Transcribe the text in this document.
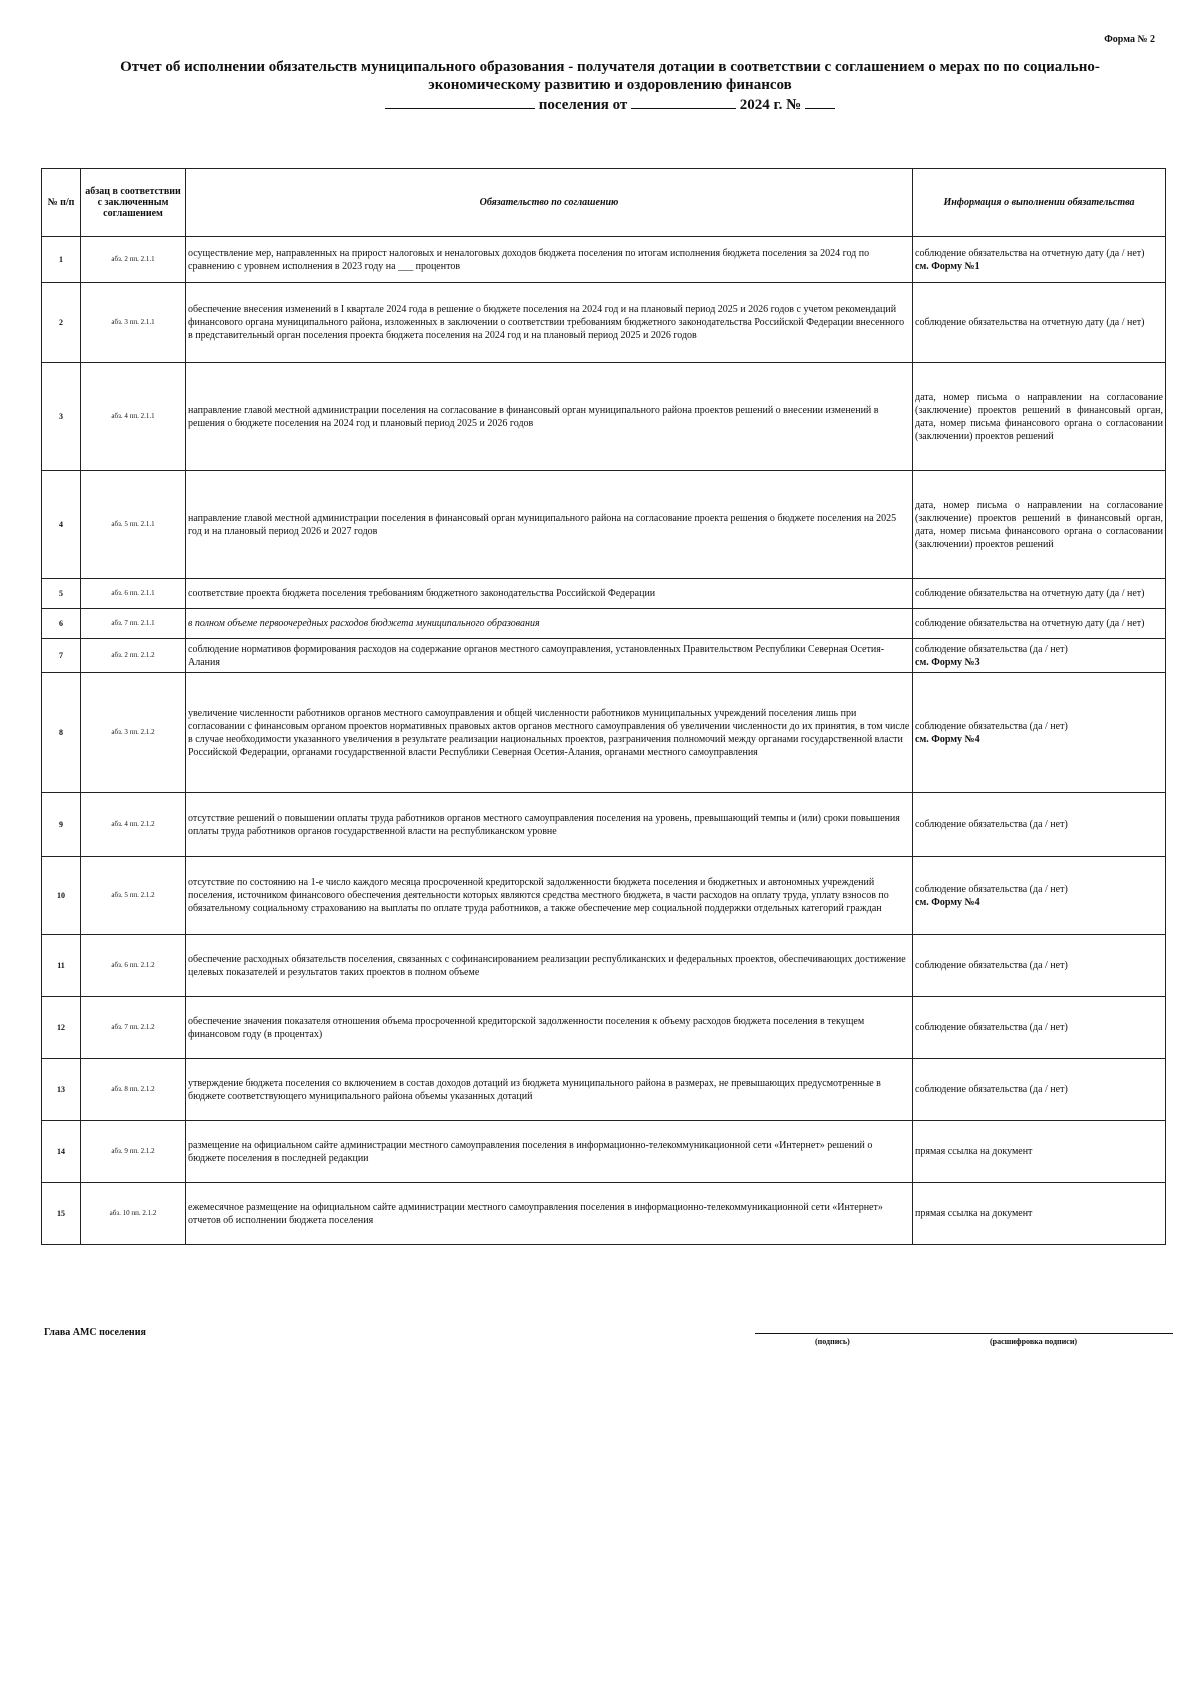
Форма № 2
Отчет об исполнении обязательств муниципального образования - получателя дотации в соответствии с соглашением о мерах по по социально-
экономическому развитию и оздоровлению финансов
поселения от	2024 г. №
№ п/п	абзац в соответствии с заключенным соглашением	Обязательство по соглашению	Информация о выполнении обязательства
1	абз. 2 пп. 2.1.1	осуществление мер, направленных на прирост налоговых и неналоговых доходов бюджета поселения по итогам исполнения бюджета поселения за 2024 год по сравнению с уровнем исполнения в 2023 году на ___ процентов	соблюдение обязательства на отчетную дату (да / нет)
см. Форму №1

2	абз. 3 пп. 2.1.1	обеспечение внесения изменений в I квартале 2024 года в решение о бюджете поселения на 2024 год и на плановый период 2025 и 2026 годов с учетом рекомендаций финансового органа муниципального района, изложенных в заключении о соответствии требованиям бюджетного законодательства Российской Федерации внесенного в представительный орган поселения проекта бюджета поселения на 2024 год и на плановый период 2025 и 2026 годов	соблюдение обязательства на отчетную дату (да / нет)

3	абз. 4 пп. 2.1.1	направление главой местной администрации поселения на согласование в финансовый орган муниципального района проектов решений о внесении изменений в решения о бюджете поселения на 2024 год и плановый период 2025 и 2026 годов	дата, номер письма о направлении на согласование (заключение) проектов решений в финансовый орган, дата, номер письма финансового органа о согласовании (заключении) проектов решений

4	абз. 5 пп. 2.1.1	направление главой местной администрации поселения в финансовый орган муниципального района на согласование проекта решения о бюджете поселения на 2025 год и на плановый период 2026 и 2027 годов	дата, номер письма о направлении на согласование (заключение) проектов решений в финансовый орган, дата, номер письма финансового органа о согласовании (заключении) проектов решений

5	абз. 6 пп. 2.1.1	соответствие проекта бюджета поселения требованиям бюджетного законодательства Российской Федерации	соблюдение обязательства на отчетную дату (да / нет)

6	абз. 7 пп. 2.1.1	в полном объеме первоочередных расходов бюджета муниципального образования	соблюдение обязательства на отчетную дату (да / нет)

7	абз. 2 пп. 2.1.2	соблюдение нормативов формирования расходов на содержание органов местного самоуправления, установленных Правительством Республики Северная Осетия-Алания	соблюдение обязательства (да / нет)
см. Форму №3

8	абз. 3 пп. 2.1.2	увеличение численности работников органов местного самоуправления и общей численности работников муниципальных учреждений поселения лишь при согласовании с финансовым органом проектов нормативных правовых актов органов местного самоуправления об увеличении численности до их принятия, в том числе в случае необходимости указанного увеличения в результате реализации национальных проектов, разграничения полномочий между органами государственной власти Российской Федерации, органами государственной власти Республики Северная Осетия-Алания, органами местного самоуправления	соблюдение обязательства (да / нет)
см. Форму №4

9	абз. 4 пп. 2.1.2	отсутствие решений о повышении оплаты труда работников органов местного самоуправления поселения на уровень, превышающий темпы и (или) сроки повышения оплаты труда работников органов государственной власти на республиканском уровне	соблюдение обязательства (да / нет)

10	абз. 5 пп. 2.1.2	отсутствие по состоянию на 1-е число каждого месяца просроченной кредиторской задолженности бюджета поселения и бюджетных и автономных учреждений поселения, источником финансового обеспечения деятельности которых являются средства местного бюджета, в части расходов на оплату труда, уплату взносов по обязательному социальному страхованию на выплаты по оплате труда работников, а также обеспечение мер социальной поддержки отдельных категорий граждан	соблюдение обязательства (да / нет)
см. Форму №4

11	абз. 6 пп. 2.1.2	обеспечение расходных обязательств поселения, связанных с софинансированием реализации республиканских и федеральных проектов, обеспечивающих достижение целевых показателей и результатов таких проектов в полном объеме	соблюдение обязательства (да / нет)

12	абз. 7 пп. 2.1.2	обеспечение значения показателя отношения объема просроченной кредиторской задолженности поселения к объему расходов бюджета поселения в текущем финансовом году (в процентах)	соблюдение обязательства (да / нет)

13	абз. 8 пп. 2.1.2	утверждение бюджета поселения со включением в состав доходов дотаций из бюджета муниципального района в размерах, не превышающих предусмотренные в бюджете соответствующего муниципального района объемы указанных дотаций	соблюдение обязательства (да / нет)

14	абз. 9 пп. 2.1.2	размещение на официальном сайте администрации местного самоуправления поселения в информационно-телекоммуникационной сети «Интернет» решений о бюджете поселения в последней редакции	прямая ссылка на документ

15	абз. 10 пп. 2.1.2	ежемесячное размещение на официальном сайте администрации местного самоуправления поселения в информационно-телекоммуникационной сети «Интернет» отчетов об исполнении бюджета поселения	прямая ссылка на документ
Глава АМС поселения
(подпись)	(расшифровка подписи)
